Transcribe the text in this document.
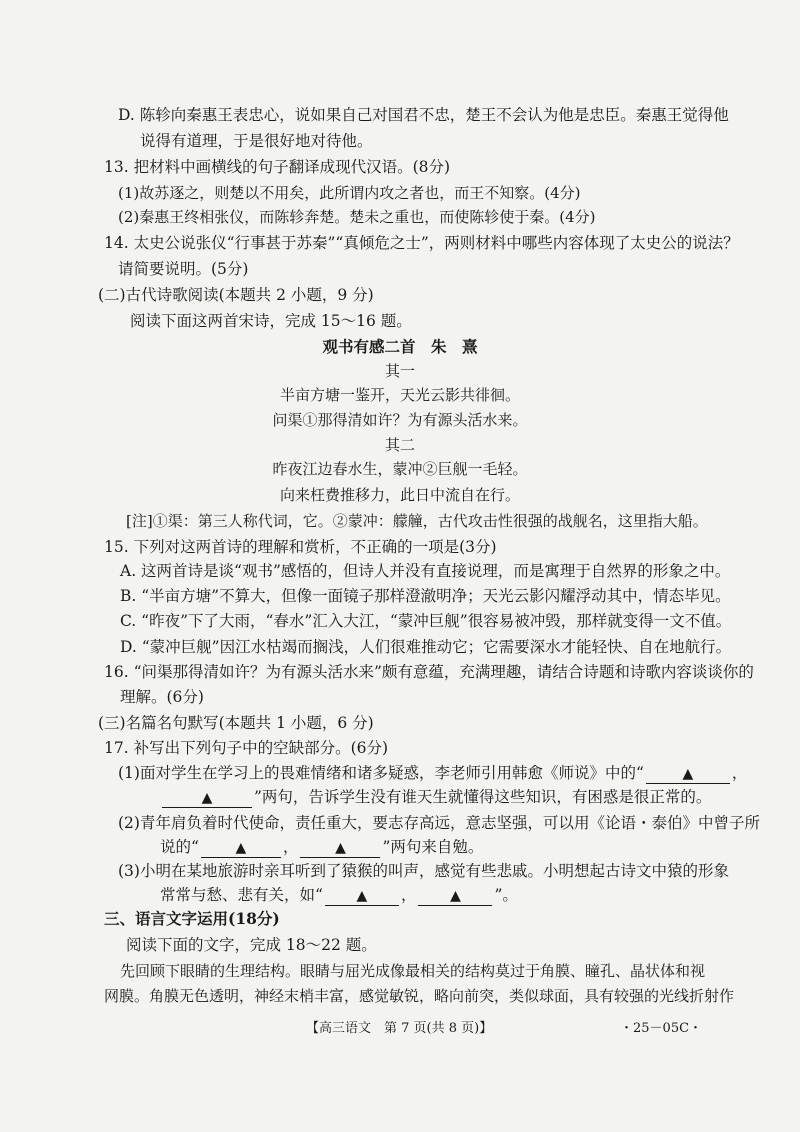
D. 陈轸向秦惠王表忠心，说如果自己对国君不忠，楚王不会认为他是忠臣。秦惠王觉得他
说得有道理，于是很好地对待他。
13. 把材料中画横线的句子翻译成现代汉语。(8分)
(1)故苏逐之，则楚以不用矣，此所谓内攻之者也，而王不知察。(4分)
(2)秦惠王终相张仪，而陈轸奔楚。楚未之重也，而使陈轸使于秦。(4分)
14. 太史公说张仪“行事甚于苏秦”“真倾危之士”，两则材料中哪些内容体现了太史公的说法？
请简要说明。(5分)
(二)古代诗歌阅读(本题共 2 小题，9 分)
阅读下面这两首宋诗，完成 15～16 题。
观书有感二首　朱　熹
其一
半亩方塘一鉴开，天光云影共徘徊。
问渠①那得清如许？为有源头活水来。
其二
昨夜江边春水生，蒙冲②巨舰一毛轻。
向来枉费推移力，此日中流自在行。
[注]①渠：第三人称代词，它。②蒙冲：艨艟，古代攻击性很强的战舰名，这里指大船。
15. 下列对这两首诗的理解和赏析，不正确的一项是(3分)
A. 这两首诗是谈“观书”感悟的，但诗人并没有直接说理，而是寓理于自然界的形象之中。
B. “半亩方塘”不算大，但像一面镜子那样澄澈明净；天光云影闪耀浮动其中，情态毕见。
C. “昨夜”下了大雨，“春水”汇入大江，“蒙冲巨舰”很容易被冲毁，那样就变得一文不值。
D. “蒙冲巨舰”因江水枯竭而搁浅，人们很难推动它；它需要深水才能轻快、自在地航行。
16. “问渠那得清如许？为有源头活水来”颇有意蕴，充满理趣，请结合诗题和诗歌内容谈谈你的
理解。(6分)
(三)名篇名句默写(本题共 1 小题，6 分)
17. 补写出下列句子中的空缺部分。(6分)
(1)面对学生在学习上的畏难情绪和诸多疑惑，李老师引用韩愈《师说》中的“	▲ ，
▲	”两句，告诉学生没有谁天生就懂得这些知识，有困惑是很正常的。
(2)青年肩负着时代使命，责任重大，要志存高远，意志坚强，可以用《论语・泰伯》中曾子所
说的“	▲ ，	▲ ”两句来自勉。
(3)小明在某地旅游时亲耳听到了猿猴的叫声，感觉有些悲戚。小明想起古诗文中猿的形象
常常与愁、悲有关，如“ ▲ ， ▲ ”。
三、语言文字运用(18分)
阅读下面的文字，完成 18～22 题。
先回顾下眼睛的生理结构。眼睛与屈光成像最相关的结构莫过于角膜、瞳孔、晶状体和视
网膜。角膜无色透明，神经末梢丰富，感觉敏锐，略向前突，类似球面，具有较强的光线折射作
【高三语文　第 7 页(共 8 页)】	・25－05C・
